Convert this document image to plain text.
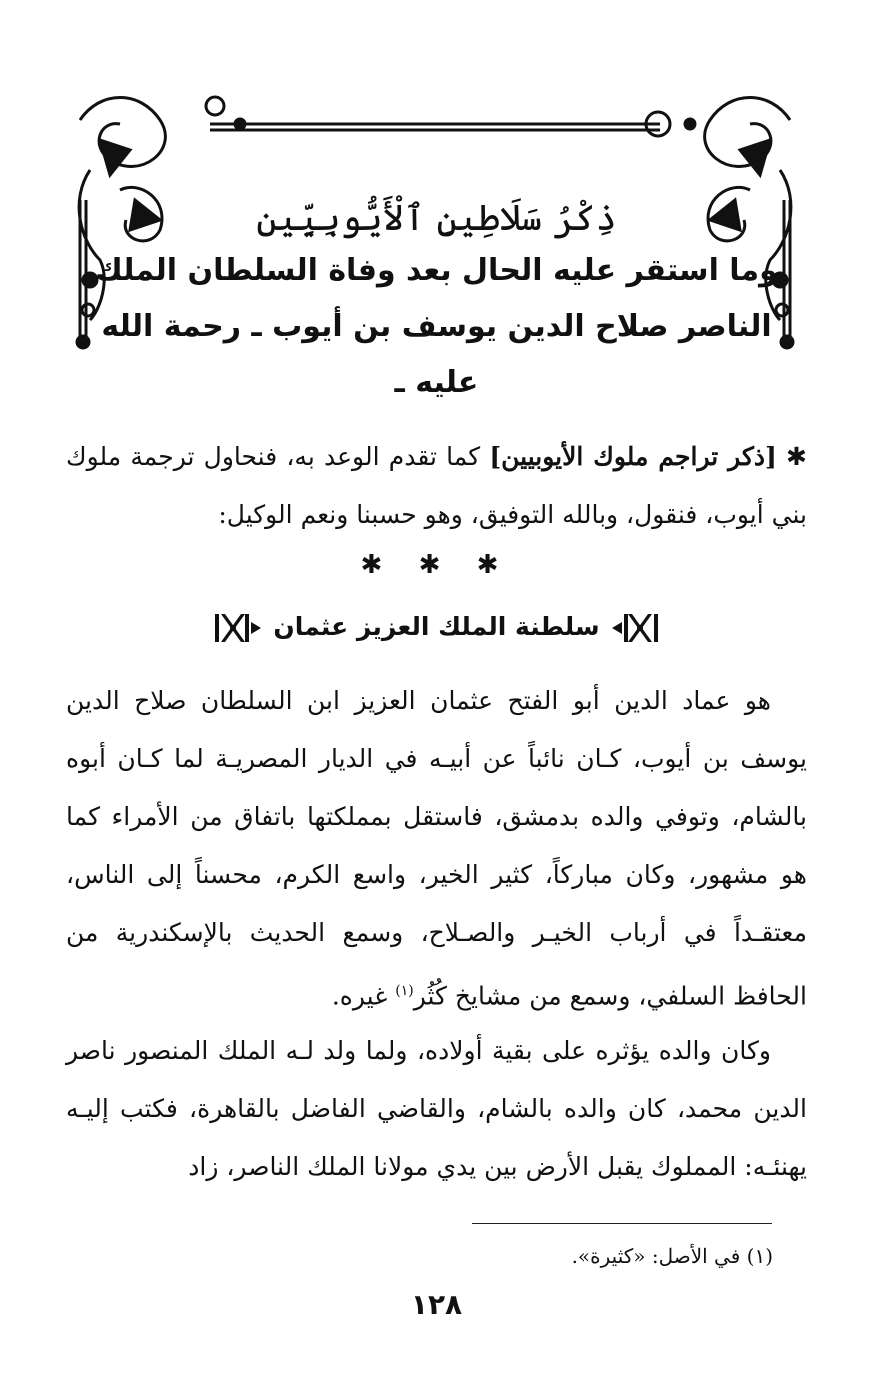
ذِكْرُ سَلَاطِينِ ٱلْأَيُّوبِيِّين

وما استقر عليه الحال بعد وفاة السلطان الملك

الناصر صلاح الدين يوسف بن أيوب ـ رحمة الله عليه ـ

✱ [ذكر تراجم ملوك الأيوبيين] كما تقدم الوعد به، فنحاول ترجمة ملوك بني أيوب، فنقول، وبالله التوفيق، وهو حسبنا ونعم الوكيل:
✱ ✱ ✱
سلطنة الملك العزيز عثمان

هو عماد الدين أبو الفتح عثمان العزيز ابن السلطان صلاح الدين يوسف بن أيوب، كـان نائباً عن أبيـه في الديار المصريـة لما كـان أبوه بالشام، وتوفي والده بدمشق، فاستقل بمملكتها باتفاق من الأمراء كما هو مشهور، وكان مباركاً، كثير الخير، واسع الكرم، محسناً إلى الناس، معتقـداً في أرباب الخيـر والصـلاح، وسمع الحديث بالإسكندرية من الحافظ السلفي، وسمع من مشايخ كُثُر$^{(١)}$ غيره.

وكان والده يؤثره على بقية أولاده، ولما ولد لـه الملك المنصور ناصر الدين محمد، كان والده بالشام، والقاضي الفاضل بالقاهرة، فكتب إليـه يهنئـه: المملوك يقبل الأرض بين يدي مولانا الملك الناصر، زاد

(١) في الأصل: «كثيرة».
١٢٨
